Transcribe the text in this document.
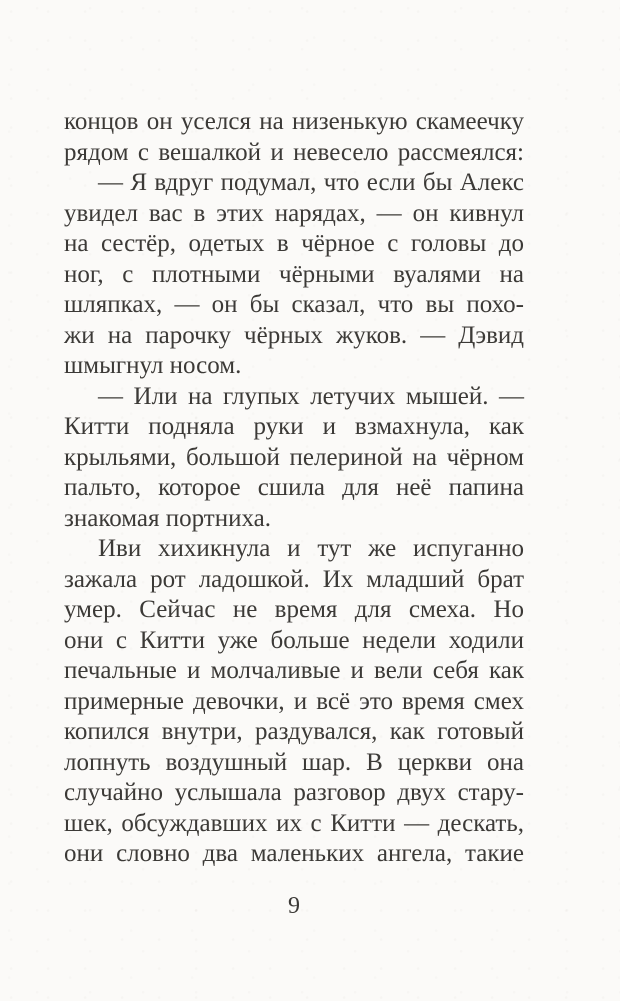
концов он уселся на низенькую скамеечку
рядом с вешалкой и невесело рассмеялся:
— Я вдруг подумал, что если бы Алекс
увидел вас в этих нарядах, — он кивнул
на сестёр, одетых в чёрное с головы до
ног, с плотными чёрными вуалями на
шляпках, — он бы сказал, что вы похо-
жи на парочку чёрных жуков. — Дэвид
шмыгнул носом.
— Или на глупых летучих мышей. —
Китти подняла руки и взмахнула, как
крыльями, большой пелериной на чёрном
пальто, которое сшила для неё папина
знакомая портниха.
Иви хихикнула и тут же испуганно
зажала рот ладошкой. Их младший брат
умер. Сейчас не время для смеха. Но
они с Китти уже больше недели ходили
печальные и молчаливые и вели себя как
примерные девочки, и всё это время смех
копился внутри, раздувался, как готовый
лопнуть воздушный шар. В церкви она
случайно услышала разговор двух стару-
шек, обсуждавших их с Китти — дескать,
они словно два маленьких ангела, такие
9
